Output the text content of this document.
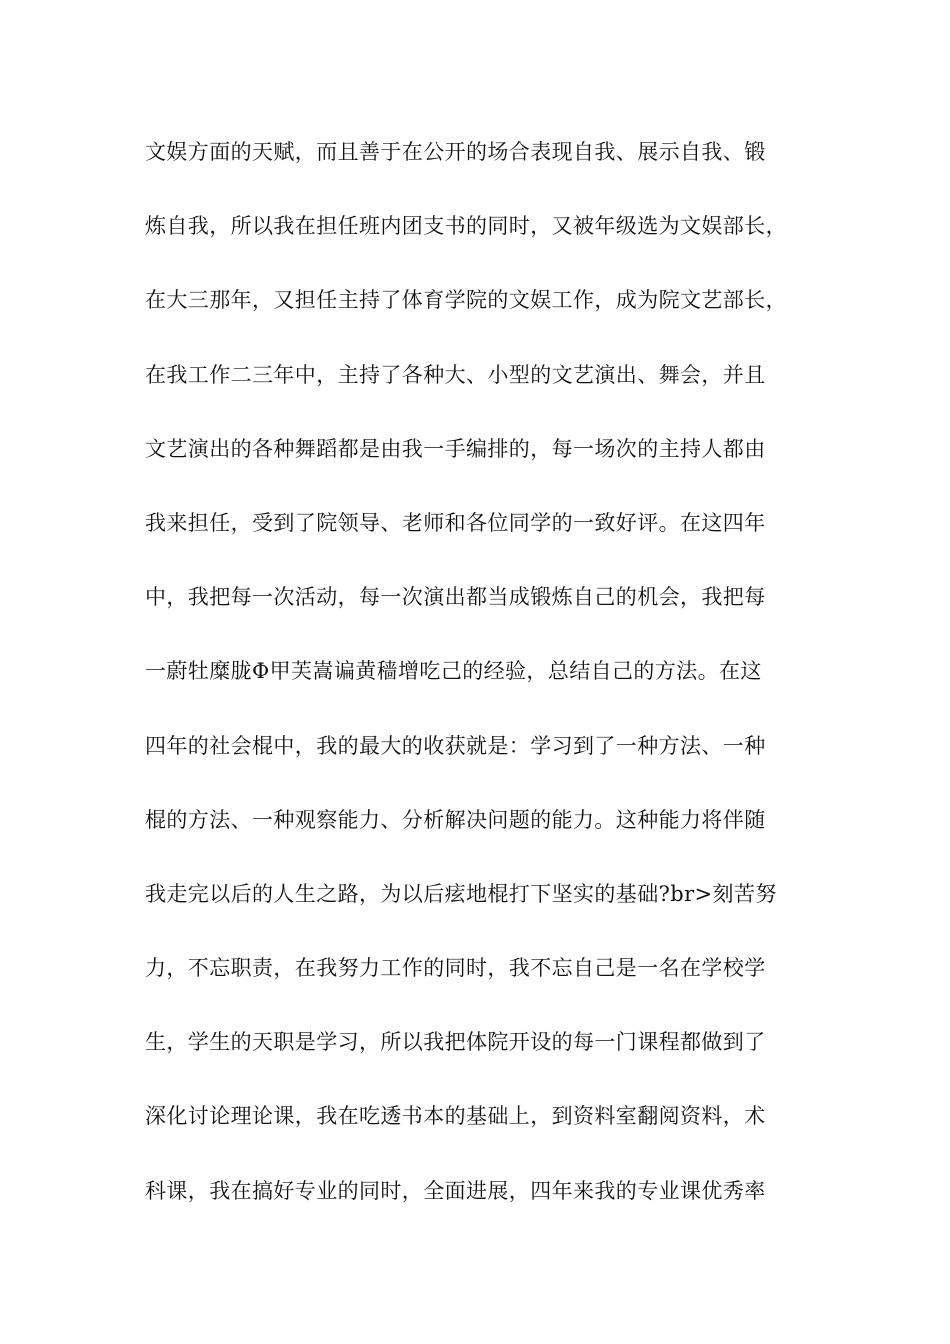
文娱方面的天赋，而且善于在公开的场合表现自我、展示自我、锻
炼自我，所以我在担任班内团支书的同时，又被年级选为文娱部长，
在大三那年，又担任主持了体育学院的文娱工作，成为院文艺部长，
在我工作二三年中，主持了各种大、小型的文艺演出、舞会，并且
文艺演出的各种舞蹈都是由我一手编排的，每一场次的主持人都由
我来担任，受到了院领导、老师和各位同学的一致好评。在这四年
中，我把每一次活动，每一次演出都当成锻炼自己的机会，我把每
一蔚牡糜胧Φ甲芙嵩谝黄穑增吃己的经验，总结自己的方法。在这
四年的社会棍中，我的最大的收获就是：学习到了一种方法、一种
棍的方法、一种观察能力、分析解决问题的能力。这种能力将伴随
我走完以后的人生之路，为以后痃地棍打下坚实的基础?br>刻苦努
力，不忘职责，在我努力工作的同时，我不忘自己是一名在学校学
生，学生的天职是学习，所以我把体院开设的每一门课程都做到了
深化讨论理论课，我在吃透书本的基础上，到资料室翻阅资料，术
科课，我在搞好专业的同时，全面进展，四年来我的专业课优秀率
